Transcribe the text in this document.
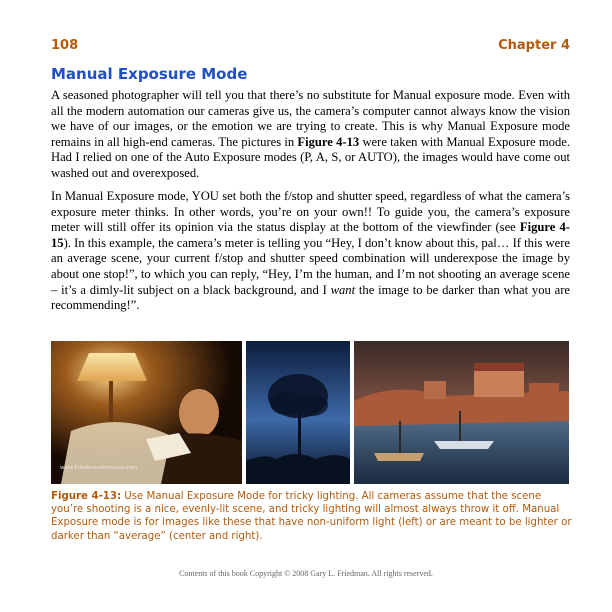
108	Chapter 4
Manual Exposure Mode

A seasoned photographer will tell you that there’s no substitute for Manual exposure mode. Even with all the modern automation our cameras give us, the camera’s computer cannot always know the vision we have of our images, or the emotion we are trying to create. This is why Manual Exposure mode remains in all high-end cameras. The pictures in Figure 4-13 were taken with Manual Exposure mode. Had I relied on one of the Auto Exposure modes (P, A, S, or AUTO), the images would have come out washed out and overexposed.

In Manual Exposure mode, YOU set both the f/stop and shutter speed, regardless of what the camera’s exposure meter thinks. In other words, you’re on your own!! To guide you, the camera’s exposure meter will still offer its opinion via the status display at the bottom of the viewfinder (see Figure 4-15). In this example, the camera’s meter is telling you “Hey, I don’t know about this, pal… If this were an average scene, your current f/stop and shutter speed combination will underexpose the image by about one stop!”, to which you can reply, “Hey, I’m the human, and I’m not shooting an average scene – it’s a dimly-lit subject on a black background, and I want the image to be darker than what you are recommending!”.

www.FriedmanArchives.com

Figure 4-13: Use Manual Exposure Mode for tricky lighting. All cameras assume that the scene you’re shooting is a nice, evenly-lit scene, and tricky lighting will almost always throw it off. Manual Exposure mode is for images like these that have non-uniform light (left) or are meant to be lighter or darker than “average” (center and right).

Contents of this book Copyright © 2008 Gary L. Friedman. All rights reserved.
